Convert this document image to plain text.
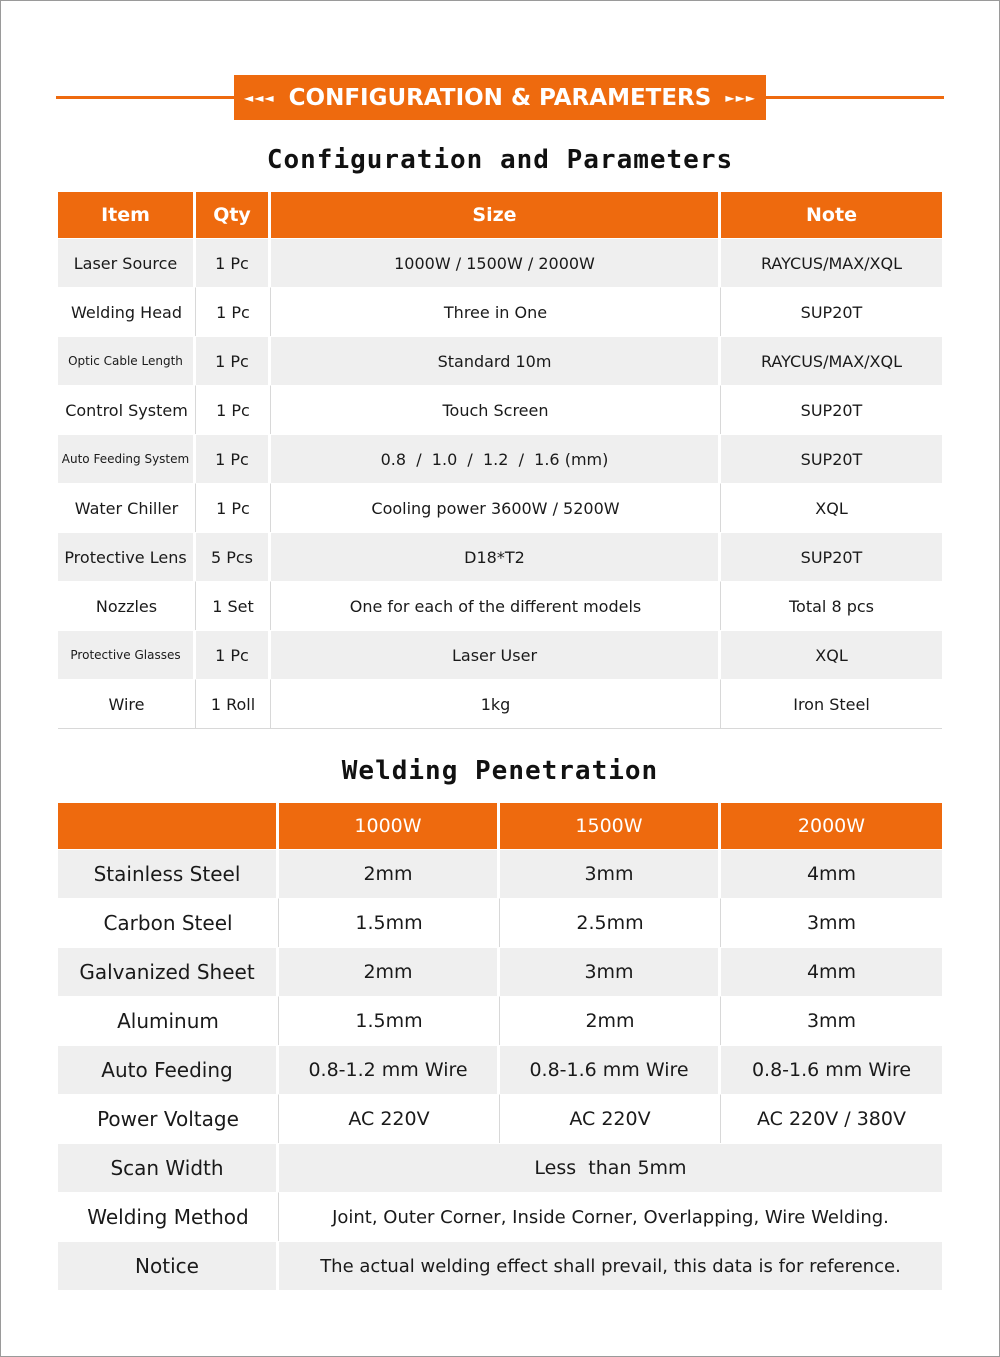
◄◄◄ CONFIGURATION & PARAMETERS ►►►
Configuration and Parameters
Item	Qty	Size	Note
Laser Source	1 Pc	1000W / 1500W / 2000W	RAYCUS/MAX/XQL
Welding Head	1 Pc	Three in One	SUP20T
Optic Cable Length	1 Pc	Standard 10m	RAYCUS/MAX/XQL
Control System	1 Pc	Touch Screen	SUP20T
Auto Feeding System	1 Pc	0.8  /  1.0  /  1.2  /  1.6 (mm)	SUP20T
Water Chiller	1 Pc	Cooling power 3600W / 5200W	XQL
Protective Lens	5 Pcs	D18*T2	SUP20T
Nozzles	1 Set	One for each of the different models	Total 8 pcs
Protective Glasses	1 Pc	Laser User	XQL
Wire	1 Roll	1kg	Iron Steel
Welding Penetration
	1000W	1500W	2000W
Stainless Steel	2mm	3mm	4mm
Carbon Steel	1.5mm	2.5mm	3mm
Galvanized Sheet	2mm	3mm	4mm
Aluminum	1.5mm	2mm	3mm
Auto Feeding	0.8-1.2 mm Wire	0.8-1.6 mm Wire	0.8-1.6 mm Wire
Power Voltage	AC 220V	AC 220V	AC 220V / 380V
Scan Width	Less  than 5mm		
Welding Method	Joint, Outer Corner, Inside Corner, Overlapping, Wire Welding.		
Notice	The actual welding effect shall prevail, this data is for reference.		
